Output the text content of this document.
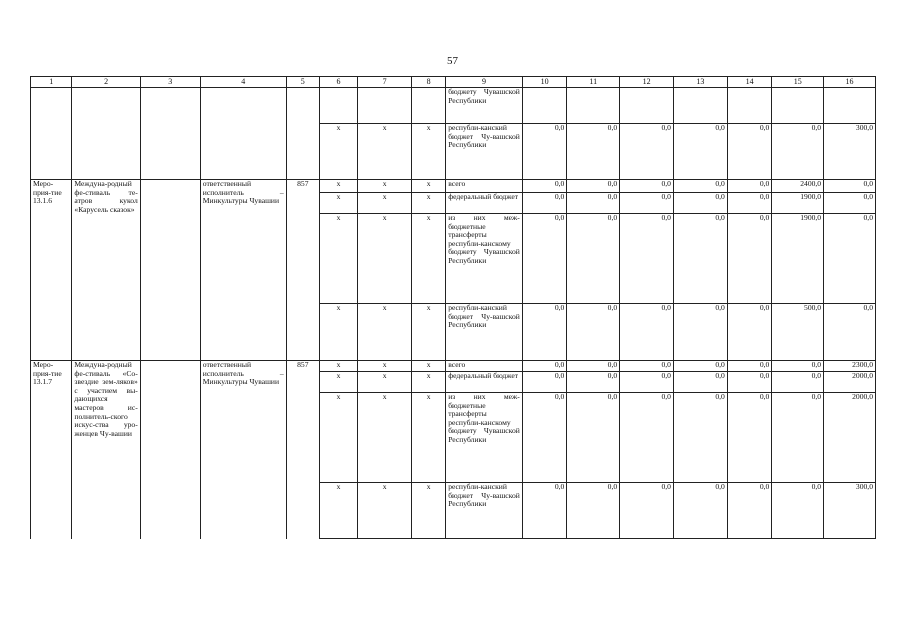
57
1	2	3	4	5	6	7	8	9	10	11	12	13	14	15	16
								бюджету Чувашской Республики							
					x	x	x	республи-канский бюджет Чу-вашской Республики	0,0	0,0	0,0	0,0	0,0	0,0	300,0
Меро-прия-тие 13.1.6	Междуна-родный фе-стиваль те-атров кукол «Карусель сказок»		ответственный исполнитель – Минкультуры Чувашии	857	x	x	x	всего	0,0	0,0	0,0	0,0	0,0	2400,0	0,0
					x	x	x	федеральный бюджет	0,0	0,0	0,0	0,0	0,0	1900,0	0,0
					x	x	x	из них меж-бюджетные трансферты республи-канскому бюджету Чувашской Республики	0,0	0,0	0,0	0,0	0,0	1900,0	0,0
					x	x	x	республи-канский бюджет Чу-вашской Республики	0,0	0,0	0,0	0,0	0,0	500,0	0,0
Меро-прия-тие 13.1.7	Междуна-родный фе-стиваль «Со-звездие зем-ляков» с участием вы-дающихся мастеров ис-полнитель-ского искус-ства уро-женцев Чу-вашии		ответственный исполнитель – Минкультуры Чувашии	857	x	x	x	всего	0,0	0,0	0,0	0,0	0,0	0,0	2300,0
					x	x	x	федеральный бюджет	0,0	0,0	0,0	0,0	0,0	0,0	2000,0
					x	x	x	из них меж-бюджетные трансферты республи-канскому бюджету Чувашской Республики	0,0	0,0	0,0	0,0	0,0	0,0	2000,0
					x	x	x	республи-канский бюджет Чу-вашской Республики	0,0	0,0	0,0	0,0	0,0	0,0	300,0
